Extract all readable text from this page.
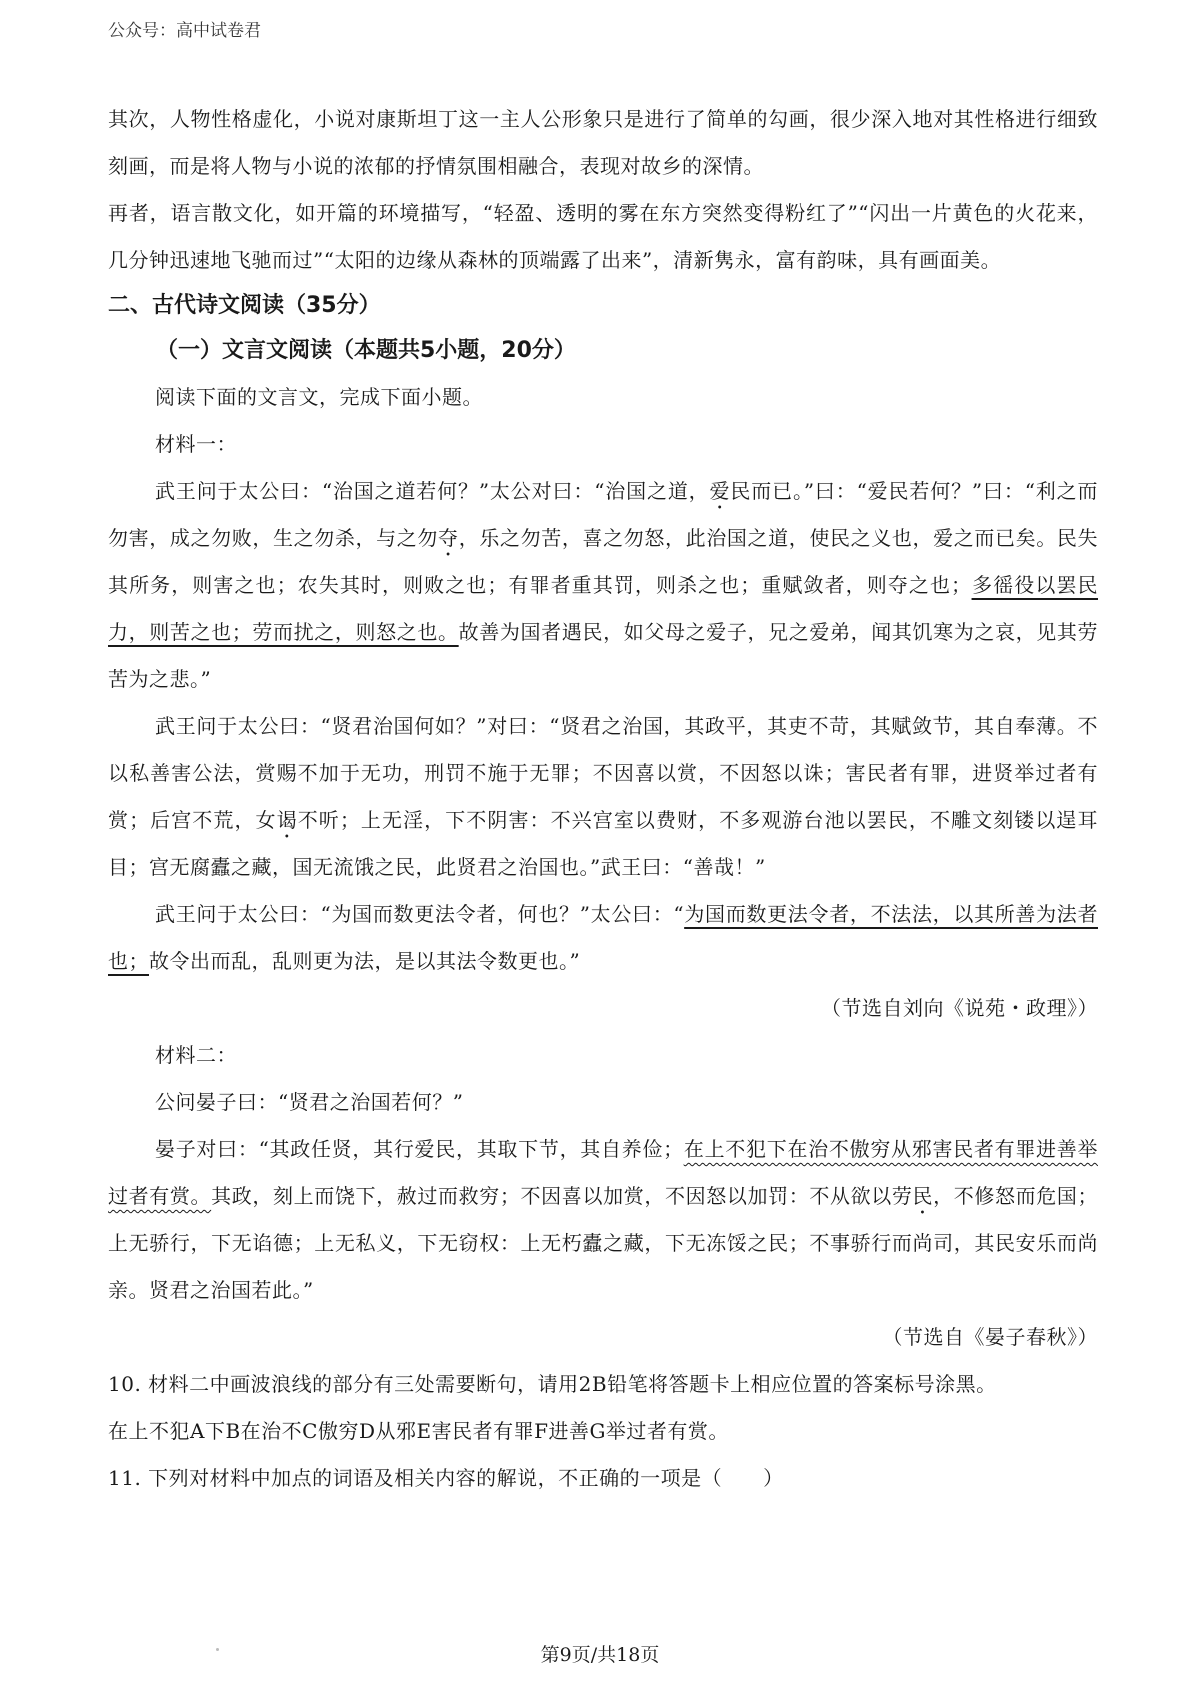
公众号：高中试卷君

其次，人物性格虚化，小说对康斯坦丁这一主人公形象只是进行了简单的勾画，很少深入地对其性格进行细致刻画，而是将人物与小说的浓郁的抒情氛围相融合，表现对故乡的深情。

再者，语言散文化，如开篇的环境描写，“轻盈、透明的雾在东方突然变得粉红了”“闪出一片黄色的火花来，几分钟迅速地飞驰而过”“太阳的边缘从森林的顶端露了出来”，清新隽永，富有韵味，具有画面美。

二、古代诗文阅读（35分）

（一）文言文阅读（本题共5小题，20分）

阅读下面的文言文，完成下面小题。

材料一：

武王问于太公曰：“治国之道若何？”太公对曰：“治国之道，爱民而已。”曰：“爱民若何？”曰：“利之而勿害，成之勿败，生之勿杀，与之勿夺，乐之勿苦，喜之勿怒，此治国之道，使民之义也，爱之而已矣。民失其所务，则害之也；农失其时，则败之也；有罪者重其罚，则杀之也；重赋敛者，则夺之也；多徭役以罢民力，则苦之也；劳而扰之，则怒之也。故善为国者遇民，如父母之爱子，兄之爱弟，闻其饥寒为之哀，见其劳苦为之悲。”

武王问于太公曰：“贤君治国何如？”对曰：“贤君之治国，其政平，其吏不苛，其赋敛节，其自奉薄。不以私善害公法，赏赐不加于无功，刑罚不施于无罪；不因喜以赏，不因怒以诛；害民者有罪，进贤举过者有赏；后宫不荒，女谒不听；上无淫，下不阴害：不兴宫室以费财，不多观游台池以罢民，不雕文刻镂以逞耳目；宫无腐蠹之藏，国无流饿之民，此贤君之治国也。”武王曰：“善哉！”

武王问于太公曰：“为国而数更法令者，何也？”太公曰：“为国而数更法令者，不法法，以其所善为法者也；故令出而乱，乱则更为法，是以其法令数更也。”

（节选自刘向《说苑・政理》）

材料二：

公问晏子曰：“贤君之治国若何？”

晏子对曰：“其政任贤，其行爱民，其取下节，其自养俭；在上不犯下在治不傲穷从邪害民者有罪进善举过者有赏。其政，刻上而饶下，赦过而救穷；不因喜以加赏，不因怒以加罚：不从欲以劳民，不修怒而危国；上无骄行，下无谄德；上无私义，下无窃权：上无朽蠹之藏，下无冻馁之民；不事骄行而尚司，其民安乐而尚亲。贤君之治国若此。”

（节选自《晏子春秋》）

10. 材料二中画波浪线的部分有三处需要断句，请用2B铅笔将答题卡上相应位置的答案标号涂黑。

在上不犯A下B在治不C傲穷D从邪E害民者有罪F进善G举过者有赏。

11. 下列对材料中加点的词语及相关内容的解说，不正确的一项是（　　）

第9页/共18页
